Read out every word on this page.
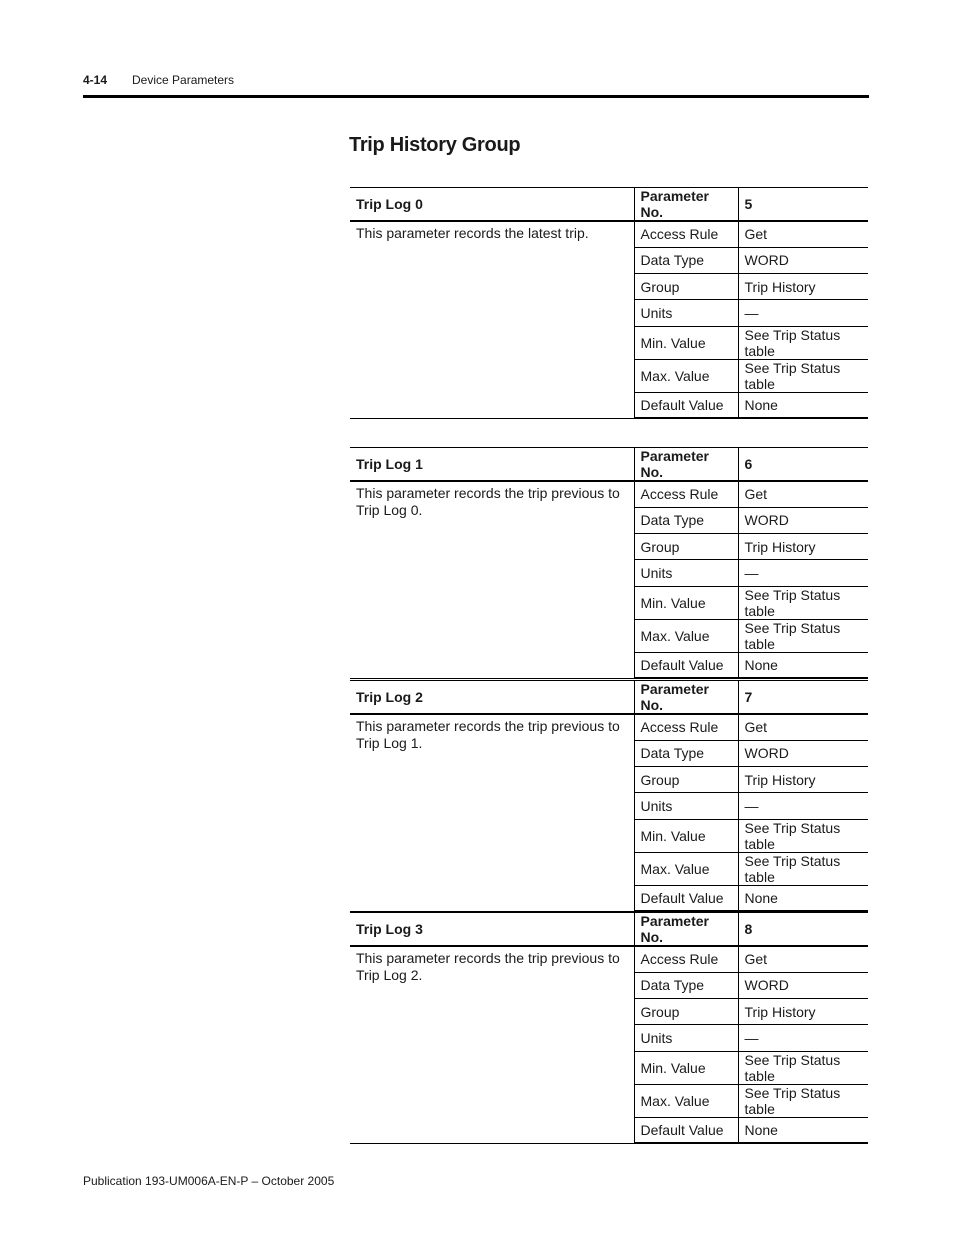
4-14 Device Parameters
Trip History Group
Trip Log 0	Parameter No.	5
This parameter records the latest trip.	Access Rule	Get
	Data Type	WORD
	Group	Trip History
	Units	—
	Min. Value	See Trip Status table
	Max. Value	See Trip Status table
	Default Value	None
Trip Log 1	Parameter No.	6
This parameter records the trip previous to Trip Log 0.	Access Rule	Get
	Data Type	WORD
	Group	Trip History
	Units	—
	Min. Value	See Trip Status table
	Max. Value	See Trip Status table
	Default Value	None
Trip Log 2	Parameter No.	7
This parameter records the trip previous to Trip Log 1.	Access Rule	Get
	Data Type	WORD
	Group	Trip History
	Units	—
	Min. Value	See Trip Status table
	Max. Value	See Trip Status table
	Default Value	None
Trip Log 3	Parameter No.	8
This parameter records the trip previous to Trip Log 2.	Access Rule	Get
	Data Type	WORD
	Group	Trip History
	Units	—
	Min. Value	See Trip Status table
	Max. Value	See Trip Status table
	Default Value	None
Publication 193-UM006A-EN-P – October 2005
